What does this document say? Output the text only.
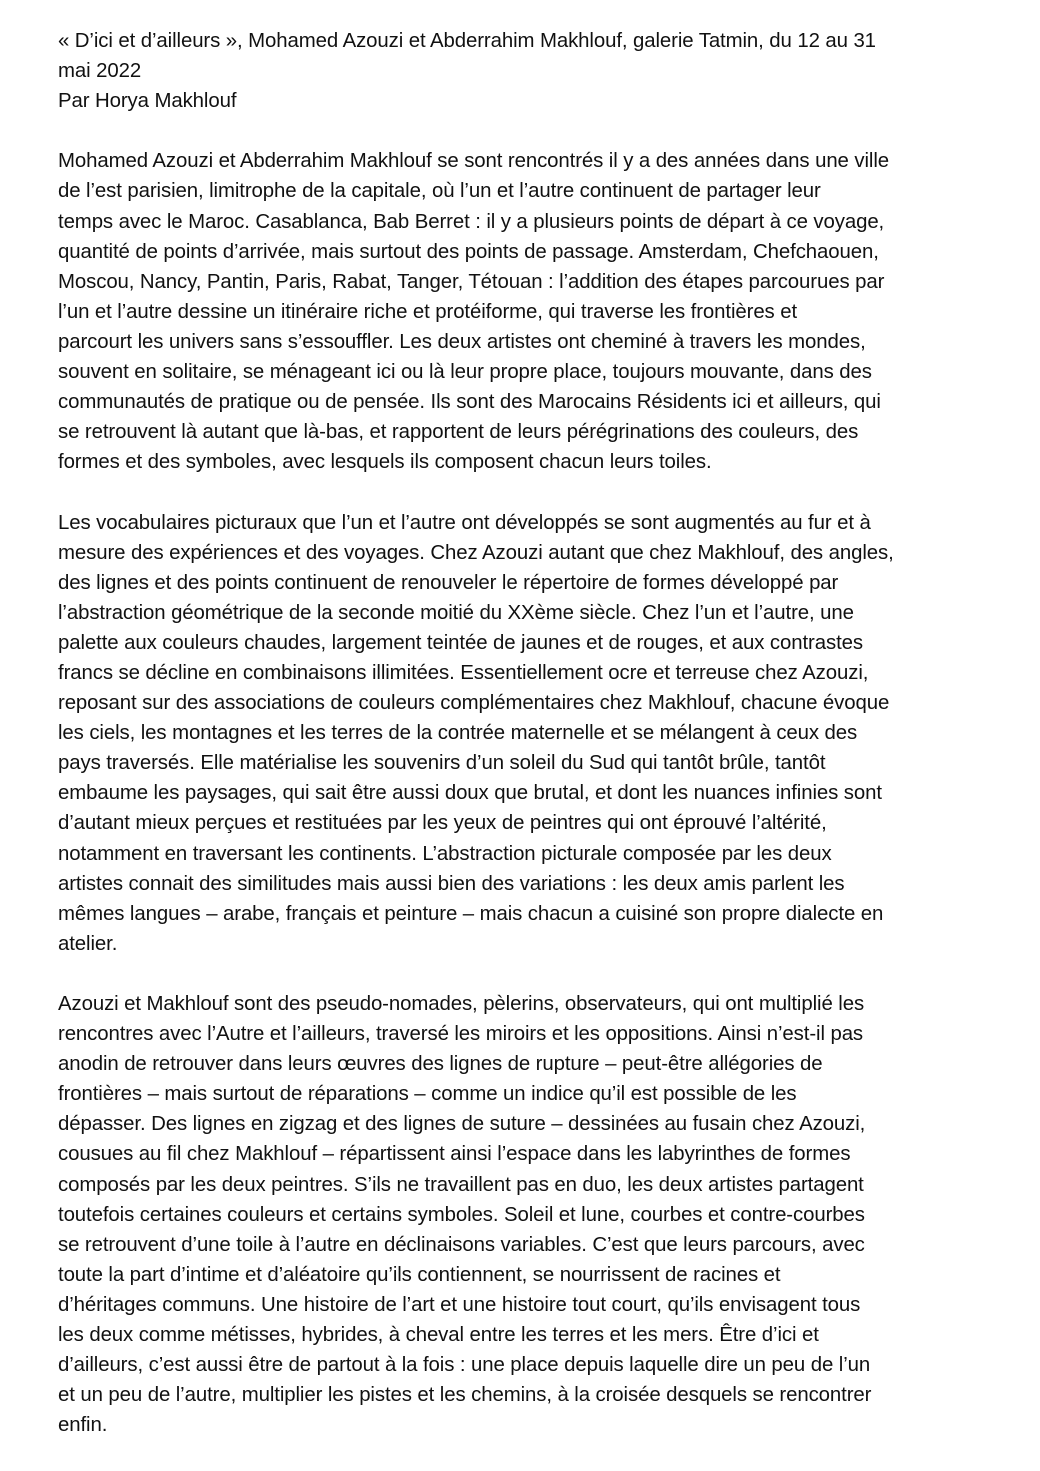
« D’ici et d’ailleurs », Mohamed Azouzi et Abderrahim Makhlouf, galerie Tatmin, du 12 au 31
mai 2022
Par Horya Makhlouf
Mohamed Azouzi et Abderrahim Makhlouf se sont rencontrés il y a des années dans une ville
de l’est parisien, limitrophe de la capitale, où l’un et l’autre continuent de partager leur
temps avec le Maroc. Casablanca, Bab Berret : il y a plusieurs points de départ à ce voyage,
quantité de points d’arrivée, mais surtout des points de passage. Amsterdam, Chefchaouen,
Moscou, Nancy, Pantin, Paris, Rabat, Tanger, Tétouan : l’addition des étapes parcourues par
l’un et l’autre dessine un itinéraire riche et protéiforme, qui traverse les frontières et
parcourt les univers sans s’essouffler. Les deux artistes ont cheminé à travers les mondes,
souvent en solitaire, se ménageant ici ou là leur propre place, toujours mouvante, dans des
communautés de pratique ou de pensée. Ils sont des Marocains Résidents ici et ailleurs, qui
se retrouvent là autant que là-bas, et rapportent de leurs pérégrinations des couleurs, des
formes et des symboles, avec lesquels ils composent chacun leurs toiles.
Les vocabulaires picturaux que l’un et l’autre ont développés se sont augmentés au fur et à
mesure des expériences et des voyages. Chez Azouzi autant que chez Makhlouf, des angles,
des lignes et des points continuent de renouveler le répertoire de formes développé par
l’abstraction géométrique de la seconde moitié du XXème siècle. Chez l’un et l’autre, une
palette aux couleurs chaudes, largement teintée de jaunes et de rouges, et aux contrastes
francs se décline en combinaisons illimitées. Essentiellement ocre et terreuse chez Azouzi,
reposant sur des associations de couleurs complémentaires chez Makhlouf, chacune évoque
les ciels, les montagnes et les terres de la contrée maternelle et se mélangent à ceux des
pays traversés. Elle matérialise les souvenirs d’un soleil du Sud qui tantôt brûle, tantôt
embaume les paysages, qui sait être aussi doux que brutal, et dont les nuances infinies sont
d’autant mieux perçues et restituées par les yeux de peintres qui ont éprouvé l’altérité,
notamment en traversant les continents. L’abstraction picturale composée par les deux
artistes connait des similitudes mais aussi bien des variations : les deux amis parlent les
mêmes langues – arabe, français et peinture – mais chacun a cuisiné son propre dialecte en
atelier.
Azouzi et Makhlouf sont des pseudo-nomades, pèlerins, observateurs, qui ont multiplié les
rencontres avec l’Autre et l’ailleurs, traversé les miroirs et les oppositions. Ainsi n’est-il pas
anodin de retrouver dans leurs œuvres des lignes de rupture – peut-être allégories de
frontières – mais surtout de réparations – comme un indice qu’il est possible de les
dépasser. Des lignes en zigzag et des lignes de suture – dessinées au fusain chez Azouzi,
cousues au fil chez Makhlouf – répartissent ainsi l’espace dans les labyrinthes de formes
composés par les deux peintres. S’ils ne travaillent pas en duo, les deux artistes partagent
toutefois certaines couleurs et certains symboles. Soleil et lune, courbes et contre-courbes
se retrouvent d’une toile à l’autre en déclinaisons variables. C’est que leurs parcours, avec
toute la part d’intime et d’aléatoire qu’ils contiennent, se nourrissent de racines et
d’héritages communs. Une histoire de l’art et une histoire tout court, qu’ils envisagent tous
les deux comme métisses, hybrides, à cheval entre les terres et les mers. Être d’ici et
d’ailleurs, c’est aussi être de partout à la fois : une place depuis laquelle dire un peu de l’un
et un peu de l’autre, multiplier les pistes et les chemins, à la croisée desquels se rencontrer
enfin.
